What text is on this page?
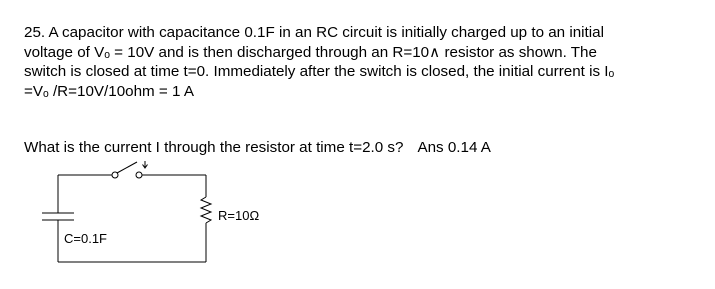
25. A capacitor with capacitance 0.1F in an RC circuit is initially charged up to an initial
voltage of Vₒ = 10V and is then discharged through an R=10∧ resistor as shown. The
switch is closed at time t=0. Immediately after the switch is closed, the initial current is Iₒ
=Vₒ /R=10V/10ohm = 1 A
What is the current I through the resistor at time t=2.0 s? Ans 0.14 A
C=0.1F
R=10Ω
